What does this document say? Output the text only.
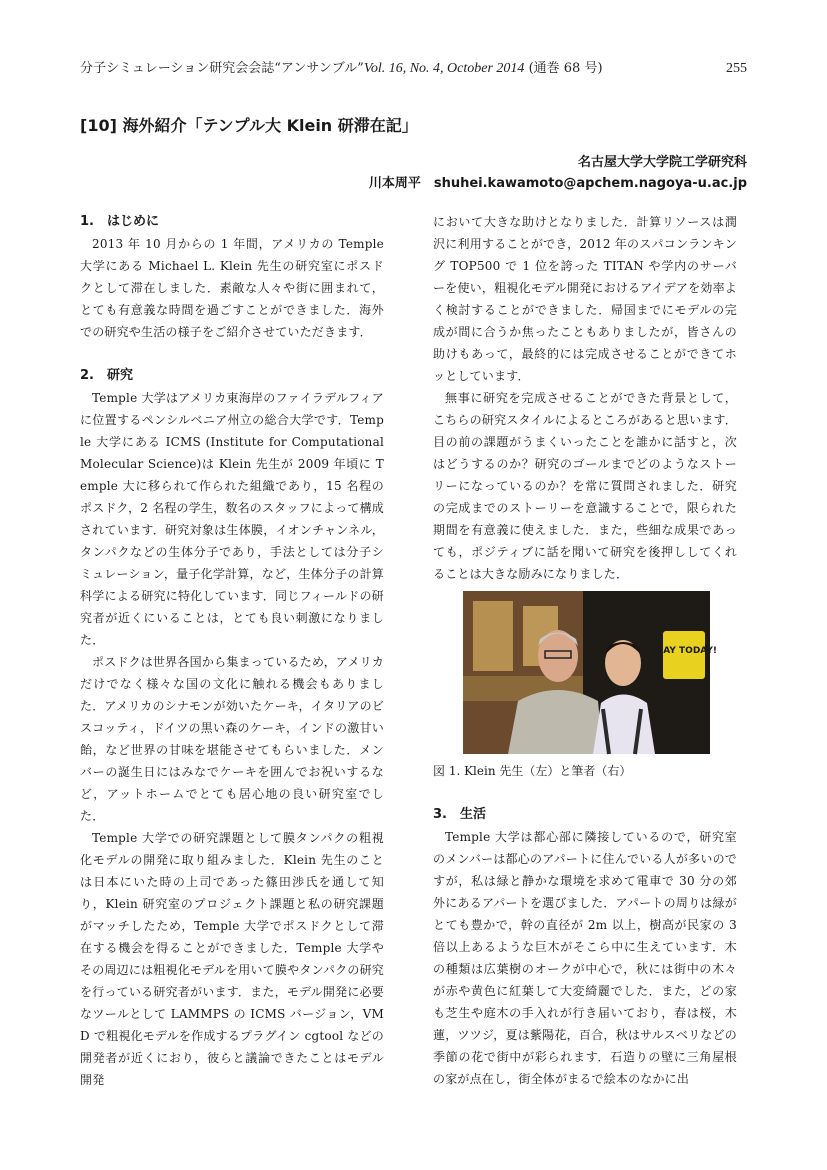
分子シミュレーション研究会会誌“アンサンブル”Vol. 16, No. 4, October 2014 (通巻 68 号)	255
[10] 海外紹介「テンプル大 Klein 研滞在記」
名古屋大学大学院工学研究科
川本周平　shuhei.kawamoto@apchem.nagoya-u.ac.jp
1.　はじめに

2013 年 10 月からの 1 年間，アメリカの Temple 大学にある Michael L. Klein 先生の研究室にポスドクとして滞在しました．素敵な人々や街に囲まれて，とても有意義な時間を過ごすことができました．海外での研究や生活の様子をご紹介させていただきます．

2.　研究

Temple 大学はアメリカ東海岸のファイラデルフィアに位置するペンシルベニア州立の総合大学です．Temple 大学にある ICMS (Institute for Computational Molecular Science)は Klein 先生が 2009 年頃に Temple 大に移られて作られた組織であり，15 名程のポスドク，2 名程の学生，数名のスタッフによって構成されています．研究対象は生体膜，イオンチャンネル，タンパクなどの生体分子であり，手法としては分子シミュレーション，量子化学計算，など，生体分子の計算科学による研究に特化しています．同じフィールドの研究者が近くにいることは，とても良い刺激になりました．

ポスドクは世界各国から集まっているため，アメリカだけでなく様々な国の文化に触れる機会もありました．アメリカのシナモンが効いたケーキ，イタリアのビスコッティ，ドイツの黒い森のケーキ，インドの激甘い飴，など世界の甘味を堪能させてもらいました．メンバーの誕生日にはみなでケーキを囲んでお祝いするなど，アットホームでとても居心地の良い研究室でした．

Temple 大学での研究課題として膜タンパクの粗視化モデルの開発に取り組みました．Klein 先生のことは日本にいた時の上司であった篠田渉氏を通して知り，Klein 研究室のプロジェクト課題と私の研究課題がマッチしたため，Temple 大学でポスドクとして滞在する機会を得ることができました．Temple 大学やその周辺には粗視化モデルを用いて膜やタンパクの研究を行っている研究者がいます．また，モデル開発に必要なツールとして LAMMPS の ICMS バージョン，VMD で粗視化モデルを作成するプラグイン cgtool などの開発者が近くにおり，彼らと議論できたことはモデル開発

において大きな助けとなりました．計算リソースは潤沢に利用することができ，2012 年のスパコンランキング TOP500 で 1 位を誇った TITAN や学内のサーバーを使い，粗視化モデル開発におけるアイデアを効率よく検討することができました．帰国までにモデルの完成が間に合うか焦ったこともありましたが，皆さんの助けもあって，最終的には完成させることができてホッとしています．

無事に研究を完成させることができた背景として，こちらの研究スタイルによるところがあると思います．目の前の課題がうまくいったことを誰かに話すと，次はどうするのか？研究のゴールまでどのようなストーリーになっているのか？を常に質問されました．研究の完成までのストーリーを意識することで，限られた期間を有意義に使えました．また，些細な成果であっても，ポジティブに話を聞いて研究を後押ししてくれることは大きな励みになりました．

PLAY TODAY!

図 1. Klein 先生（左）と筆者（右）

3.　生活

Temple 大学は都心部に隣接しているので，研究室のメンバーは都心のアパートに住んでいる人が多いのですが，私は緑と静かな環境を求めて電車で 30 分の郊外にあるアパートを選びました．アパートの周りは緑がとても豊かで，幹の直径が 2m 以上，樹高が民家の 3 倍以上あるような巨木がそこら中に生えています．木の種類は広葉樹のオークが中心で，秋には街中の木々が赤や黄色に紅葉して大変綺麗でした．また，どの家も芝生や庭木の手入れが行き届いており，春は桜，木蓮，ツツジ，夏は紫陽花，百合，秋はサルスベリなどの季節の花で街中が彩られます．石造りの壁に三角屋根の家が点在し，街全体がまるで絵本のなかに出
